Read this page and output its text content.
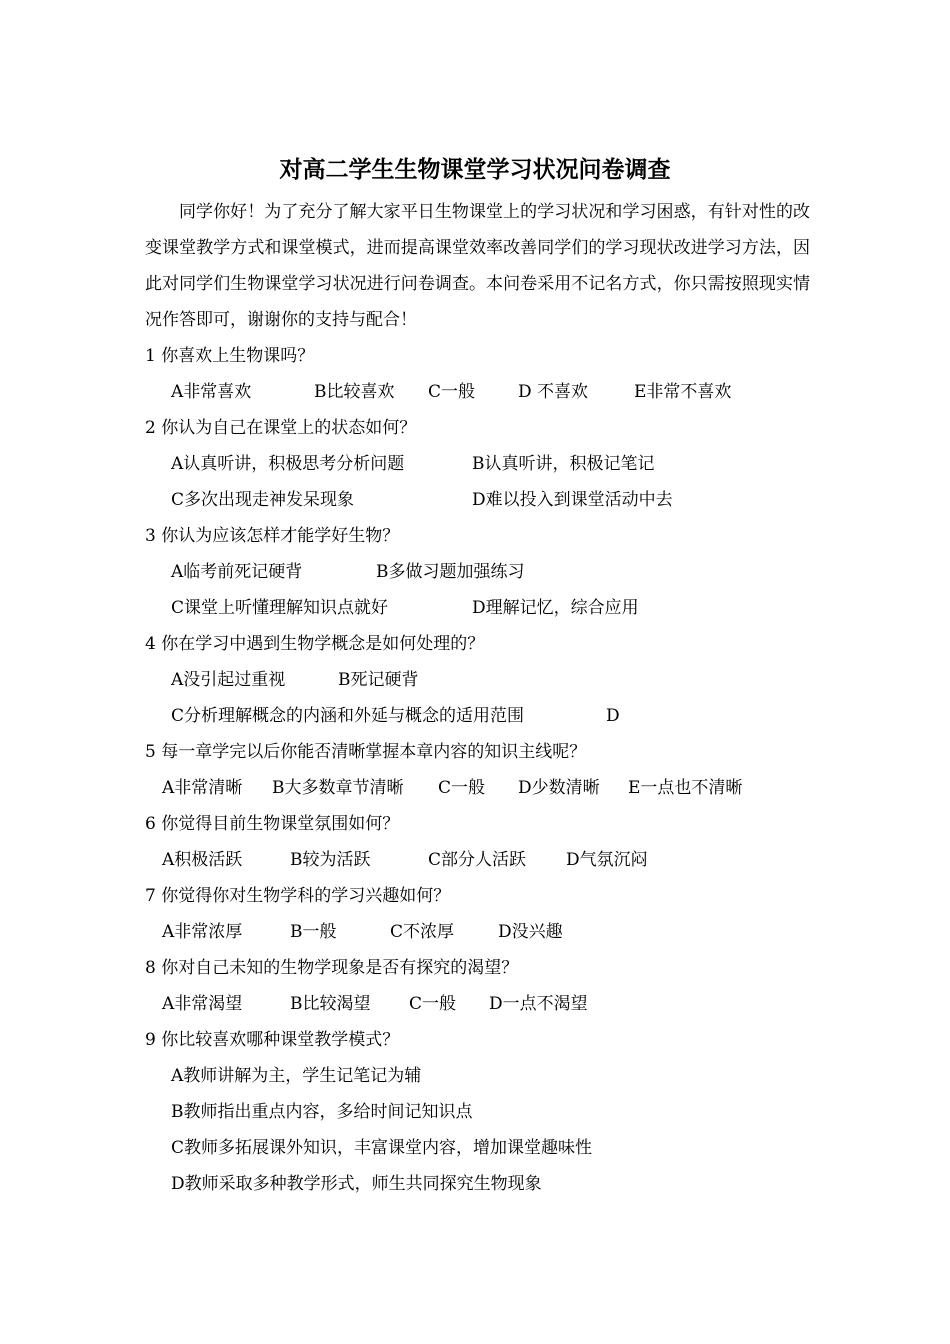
对高二学生生物课堂学习状况问卷调查
同学你好！为了充分了解大家平日生物课堂上的学习状况和学习困惑，有针对性的改变课堂教学方式和课堂模式，进而提高课堂效率改善同学们的学习现状改进学习方法，因此对同学们生物课堂学习状况进行问卷调查。本问卷采用不记名方式，你只需按照现实情况作答即可，谢谢你的支持与配合！
1 你喜欢上生物课吗？
A非常喜欢	B比较喜欢 C一般	D 不喜欢	E非常不喜欢
2 你认为自己在课堂上的状态如何？
A认真听讲，积极思考分析问题	B认真听讲，积极记笔记
C多次出现走神发呆现象	D难以投入到课堂活动中去
3 你认为应该怎样才能学好生物？
A临考前死记硬背	B多做习题加强练习
C课堂上听懂理解知识点就好	D理解记忆，综合应用
4 你在学习中遇到生物学概念是如何处理的？
A没引起过重视	B死记硬背
C分析理解概念的内涵和外延与概念的适用范围	D
5 每一章学完以后你能否清晰掌握本章内容的知识主线呢？
A非常清晰 B大多数章节清晰 C一般 D少数清晰 E一点也不清晰
6 你觉得目前生物课堂氛围如何？
A积极活跃	B较为活跃	C部分人活跃 D气氛沉闷
7 你觉得你对生物学科的学习兴趣如何？
A非常浓厚	B一般	C不浓厚	D没兴趣
8 你对自己未知的生物学现象是否有探究的渴望？
A非常渴望	B比较渴望 C一般 D一点不渴望
9 你比较喜欢哪种课堂教学模式？
A教师讲解为主，学生记笔记为辅
B教师指出重点内容，多给时间记知识点
C教师多拓展课外知识，丰富课堂内容，增加课堂趣味性
D教师采取多种教学形式，师生共同探究生物现象
